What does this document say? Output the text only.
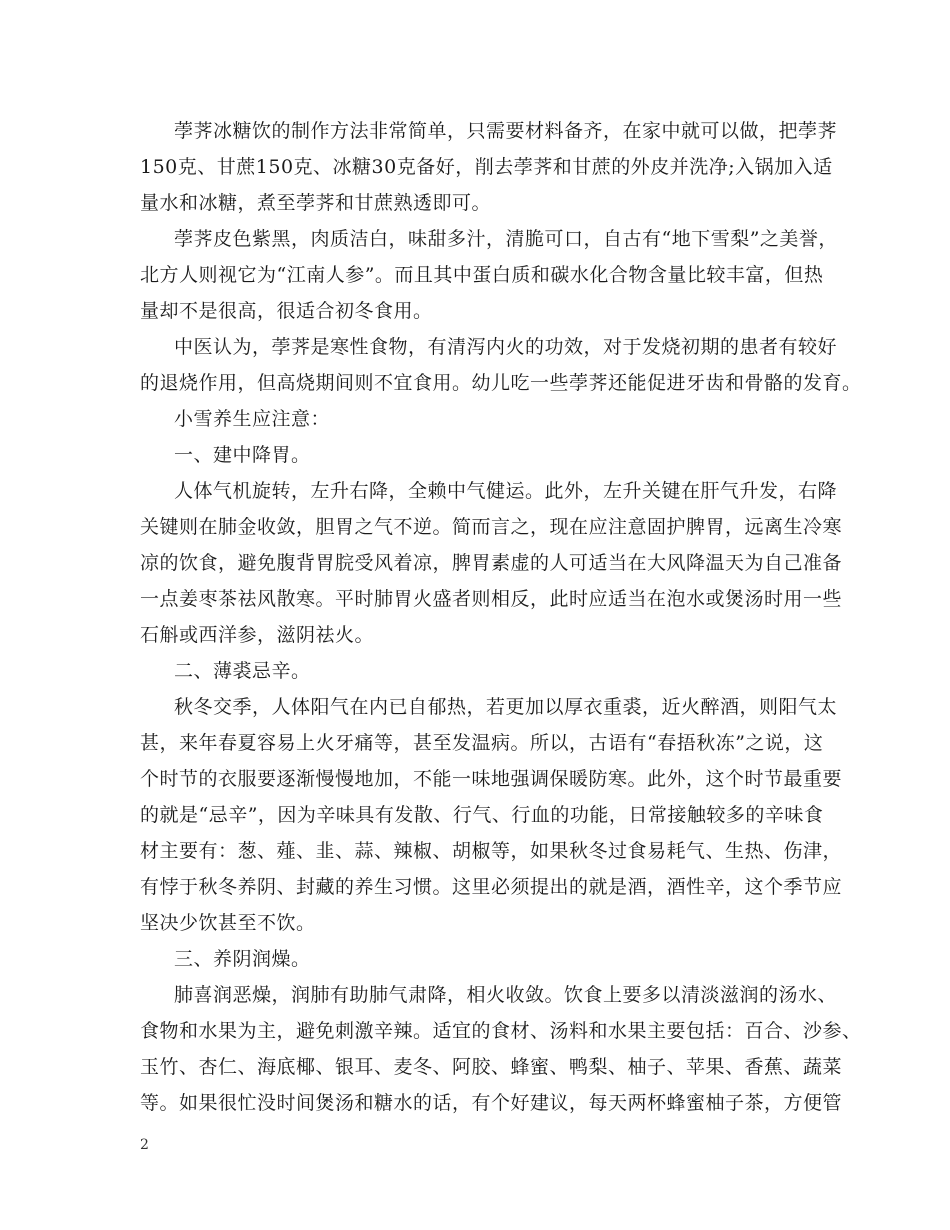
荸荠冰糖饮的制作方法非常简单，只需要材料备齐，在家中就可以做，把荸荠
150克、甘蔗150克、冰糖30克备好，削去荸荠和甘蔗的外皮并洗净;入锅加入适
量水和冰糖，煮至荸荠和甘蔗熟透即可。

荸荠皮色紫黑，肉质洁白，味甜多汁，清脆可口，自古有“地下雪梨”之美誉，
北方人则视它为“江南人参”。而且其中蛋白质和碳水化合物含量比较丰富，但热
量却不是很高，很适合初冬食用。

中医认为，荸荠是寒性食物，有清泻内火的功效，对于发烧初期的患者有较好
的退烧作用，但高烧期间则不宜食用。幼儿吃一些荸荠还能促进牙齿和骨骼的发育。

小雪养生应注意：

一、建中降胃。

人体气机旋转，左升右降，全赖中气健运。此外，左升关键在肝气升发，右降
关键则在肺金收敛，胆胃之气不逆。简而言之，现在应注意固护脾胃，远离生冷寒
凉的饮食，避免腹背胃脘受风着凉，脾胃素虚的人可适当在大风降温天为自己准备
一点姜枣茶祛风散寒。平时肺胃火盛者则相反，此时应适当在泡水或煲汤时用一些
石斛或西洋参，滋阴祛火。

二、薄裘忌辛。

秋冬交季，人体阳气在内已自郁热，若更加以厚衣重裘，近火醉酒，则阳气太
甚，来年春夏容易上火牙痛等，甚至发温病。所以，古语有“春捂秋冻”之说，这
个时节的衣服要逐渐慢慢地加，不能一味地强调保暖防寒。此外，这个时节最重要
的就是“忌辛”，因为辛味具有发散、行气、行血的功能，日常接触较多的辛味食
材主要有：葱、薤、韭、蒜、辣椒、胡椒等，如果秋冬过食易耗气、生热、伤津，
有悖于秋冬养阴、封藏的养生习惯。这里必须提出的就是酒，酒性辛，这个季节应
坚决少饮甚至不饮。

三、养阴润燥。

肺喜润恶燥，润肺有助肺气肃降，相火收敛。饮食上要多以清淡滋润的汤水、
食物和水果为主，避免刺激辛辣。适宜的食材、汤料和水果主要包括：百合、沙参、
玉竹、杏仁、海底椰、银耳、麦冬、阿胶、蜂蜜、鸭梨、柚子、苹果、香蕉、蔬菜
等。如果很忙没时间煲汤和糖水的话，有个好建议，每天两杯蜂蜜柚子茶，方便管

2
